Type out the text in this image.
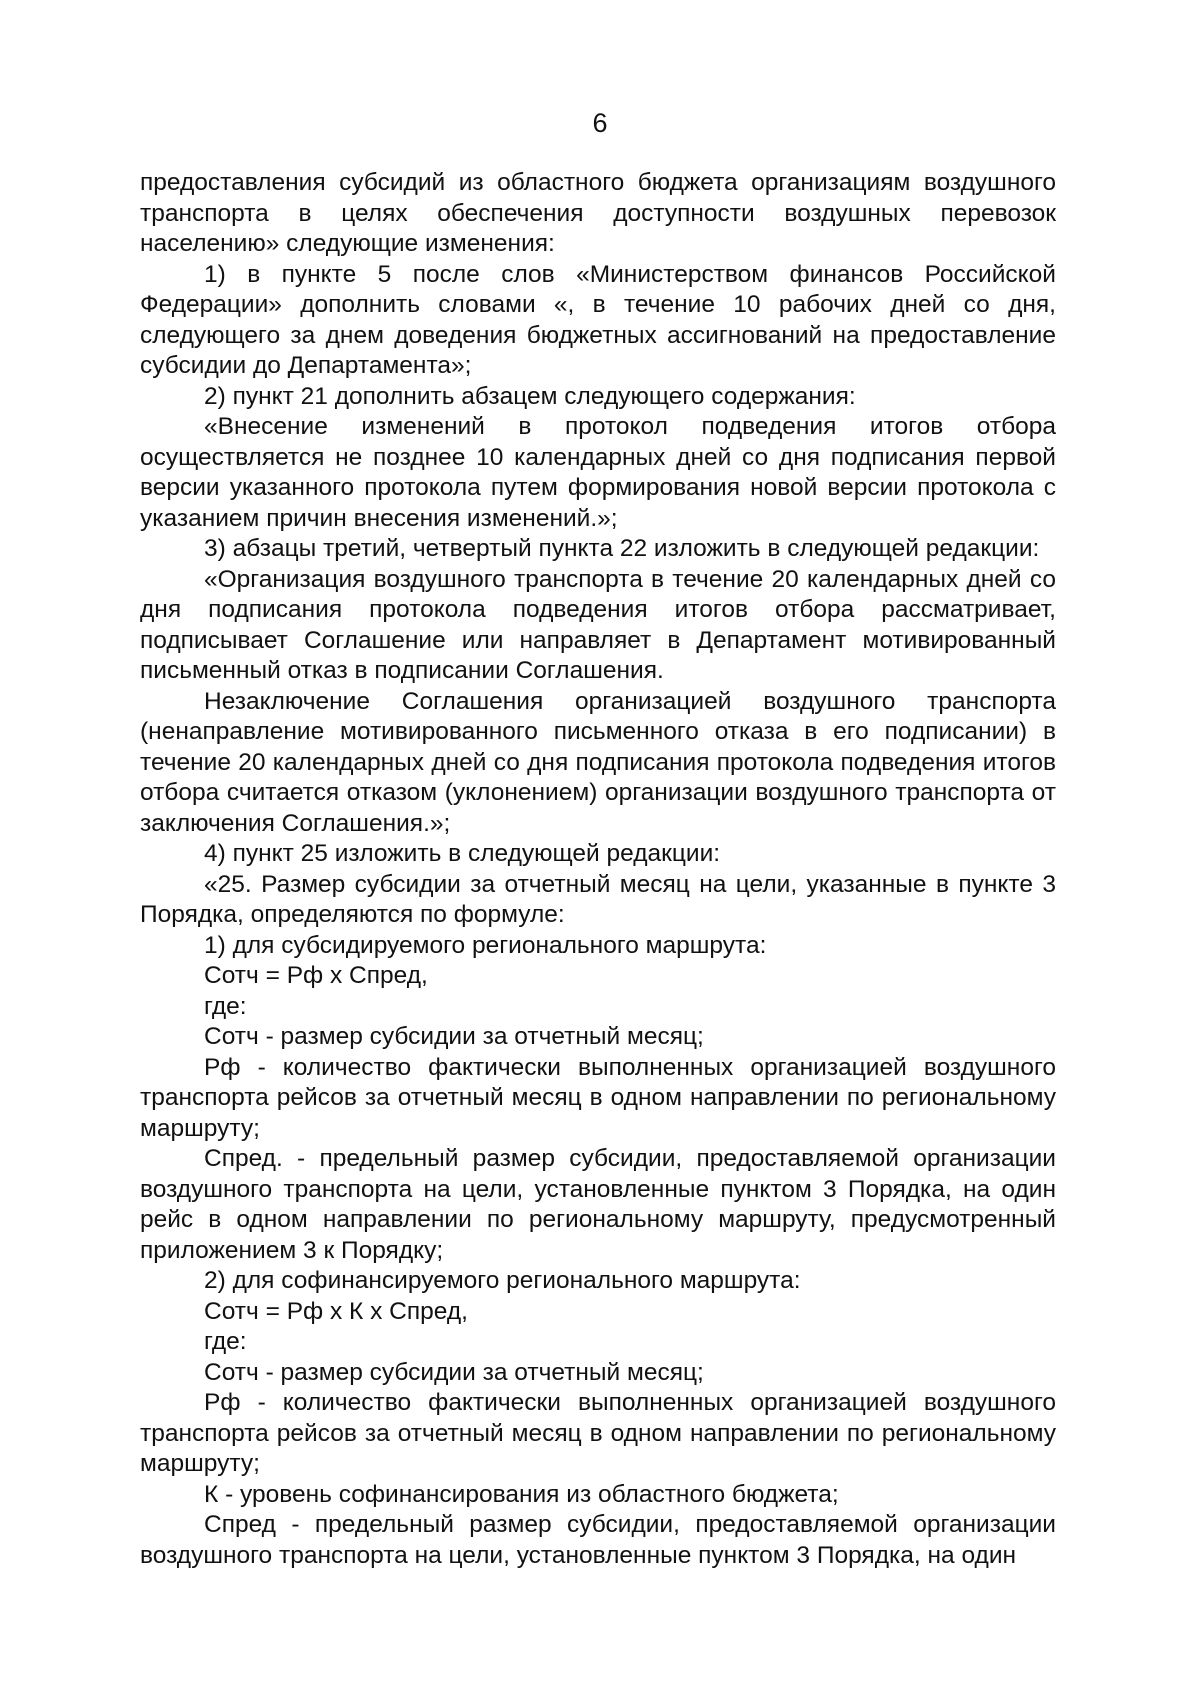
6

предоставления субсидий из областного бюджета организациям воздушного транспорта в целях обеспечения доступности воздушных перевозок населению» следующие изменения:

1) в пункте 5 после слов «Министерством финансов Российской Федерации» дополнить словами «, в течение 10 рабочих дней со дня, следующего за днем доведения бюджетных ассигнований на предоставление субсидии до Департамента»;

2) пункт 21 дополнить абзацем следующего содержания:

«Внесение изменений в протокол подведения итогов отбора осуществляется не позднее 10 календарных дней со дня подписания первой версии указанного протокола путем формирования новой версии протокола с указанием причин внесения изменений.»;

3) абзацы третий, четвертый пункта 22 изложить в следующей редакции:

«Организация воздушного транспорта в течение 20 календарных дней со дня подписания протокола подведения итогов отбора рассматривает, подписывает Соглашение или направляет в Департамент мотивированный письменный отказ в подписании Соглашения.

Незаключение Соглашения организацией воздушного транспорта (ненаправление мотивированного письменного отказа в его подписании) в течение 20 календарных дней со дня подписания протокола подведения итогов отбора считается отказом (уклонением) организации воздушного транспорта от заключения Соглашения.»;

4) пункт 25 изложить в следующей редакции:

«25. Размер субсидии за отчетный месяц на цели, указанные в пункте 3 Порядка, определяются по формуле:

1) для субсидируемого регионального маршрута:

Сотч = Рф х Спред,

где:

Сотч - размер субсидии за отчетный месяц;

Рф - количество фактически выполненных организацией воздушного транспорта рейсов за отчетный месяц в одном направлении по региональному маршруту;

Спред. - предельный размер субсидии, предоставляемой организации воздушного транспорта на цели, установленные пунктом 3 Порядка, на один рейс в одном направлении по региональному маршруту, предусмотренный приложением 3 к Порядку;

2) для софинансируемого регионального маршрута:

Сотч = Рф х К х Спред,

где:

Сотч - размер субсидии за отчетный месяц;

Рф - количество фактически выполненных организацией воздушного транспорта рейсов за отчетный месяц в одном направлении по региональному маршруту;

К - уровень софинансирования из областного бюджета;

Спред - предельный размер субсидии, предоставляемой организации воздушного транспорта на цели, установленные пунктом 3 Порядка, на один
